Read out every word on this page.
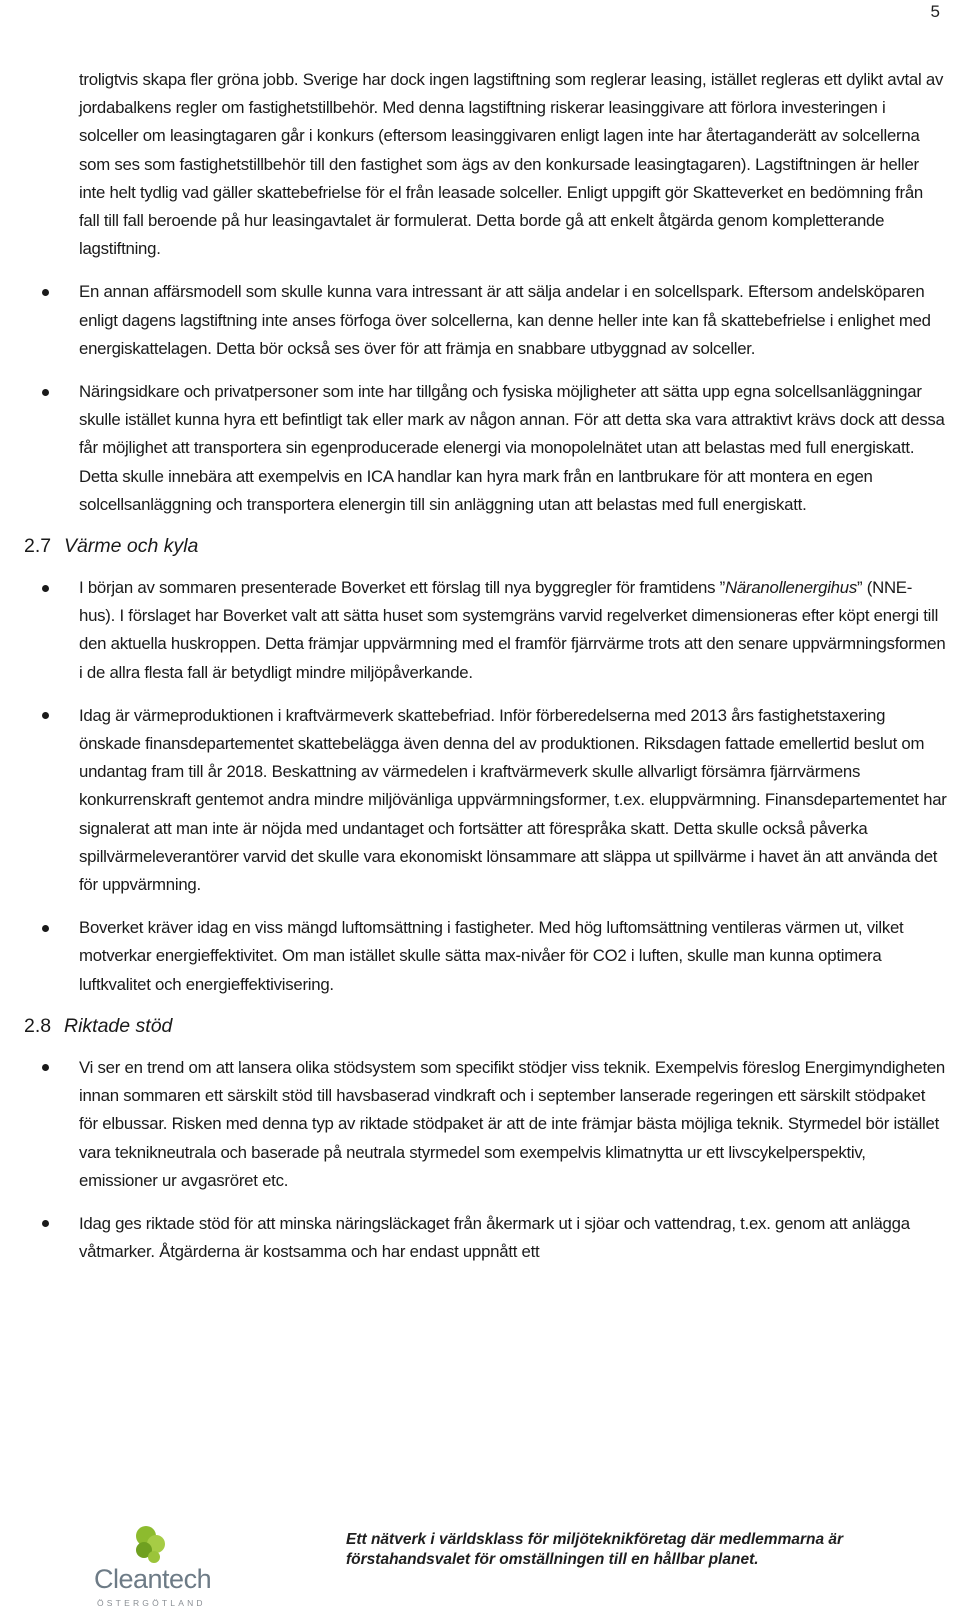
5

troligtvis skapa fler gröna jobb. Sverige har dock ingen lagstiftning som reglerar leasing, istället regleras ett dylikt avtal av jordabalkens regler om fastighetstillbehör. Med denna lagstiftning riskerar leasinggivare att förlora investeringen i solceller om leasingtagaren går i konkurs (eftersom leasinggivaren enligt lagen inte har återtaganderätt av solcellerna som ses som fastighetstillbehör till den fastighet som ägs av den konkursade leasingtagaren). Lagstiftningen är heller inte helt tydlig vad gäller skattebefrielse för el från leasade solceller. Enligt uppgift gör Skatteverket en bedömning från fall till fall beroende på hur leasingavtalet är formulerat. Detta borde gå att enkelt åtgärda genom kompletterande lagstiftning.

En annan affärsmodell som skulle kunna vara intressant är att sälja andelar i en solcellspark. Eftersom andelsköparen enligt dagens lagstiftning inte anses förfoga över solcellerna, kan denne heller inte kan få skattebefrielse i enlighet med energiskattelagen. Detta bör också ses över för att främja en snabbare utbyggnad av solceller.

Näringsidkare och privatpersoner som inte har tillgång och fysiska möjligheter att sätta upp egna solcellsanläggningar skulle istället kunna hyra ett befintligt tak eller mark av någon annan. För att detta ska vara attraktivt krävs dock att dessa får möjlighet att transportera sin egenproducerade elenergi via monopolelnätet utan att belastas med full energiskatt. Detta skulle innebära att exempelvis en ICA handlar kan hyra mark från en lantbrukare för att montera en egen solcellsanläggning och transportera elenergin till sin anläggning utan att belastas med full energiskatt.

2.7 Värme och kyla

I början av sommaren presenterade Boverket ett förslag till nya byggregler för framtidens ”Näranollenergihus” (NNE-hus). I förslaget har Boverket valt att sätta huset som systemgräns varvid regelverket dimensioneras efter köpt energi till den aktuella huskroppen. Detta främjar uppvärmning med el framför fjärrvärme trots att den senare uppvärmningsformen i de allra flesta fall är betydligt mindre miljöpåverkande.

Idag är värmeproduktionen i kraftvärmeverk skattebefriad. Inför förberedelserna med 2013 års fastighetstaxering önskade finansdepartementet skattebelägga även denna del av produktionen. Riksdagen fattade emellertid beslut om undantag fram till år 2018. Beskattning av värmedelen i kraftvärmeverk skulle allvarligt försämra fjärrvärmens konkurrenskraft gentemot andra mindre miljövänliga uppvärmningsformer, t.ex. eluppvärmning. Finansdepartementet har signalerat att man inte är nöjda med undantaget och fortsätter att förespråka skatt. Detta skulle också påverka spillvärmeleverantörer varvid det skulle vara ekonomiskt lönsammare att släppa ut spillvärme i havet än att använda det för uppvärmning.

Boverket kräver idag en viss mängd luftomsättning i fastigheter. Med hög luftomsättning ventileras värmen ut, vilket motverkar energieffektivitet. Om man istället skulle sätta max-nivåer för CO2 i luften, skulle man kunna optimera luftkvalitet och energieffektivisering.

2.8 Riktade stöd

Vi ser en trend om att lansera olika stödsystem som specifikt stödjer viss teknik. Exempelvis föreslog Energimyndigheten innan sommaren ett särskilt stöd till havsbaserad vindkraft och i september lanserade regeringen ett särskilt stödpaket för elbussar. Risken med denna typ av riktade stödpaket är att de inte främjar bästa möjliga teknik. Styrmedel bör istället vara teknikneutrala och baserade på neutrala styrmedel som exempelvis klimatnytta ur ett livscykelperspektiv, emissioner ur avgasröret etc.

Idag ges riktade stöd för att minska näringsläckaget från åkermark ut i sjöar och vattendrag, t.ex. genom att anlägga våtmarker. Åtgärderna är kostsamma och har endast uppnått ett

Cleantech
ÖSTERGÖTLAND
Ett nätverk i världsklass för miljöteknikföretag där medlemmarna är förstahandsvalet för omställningen till en hållbar planet.
